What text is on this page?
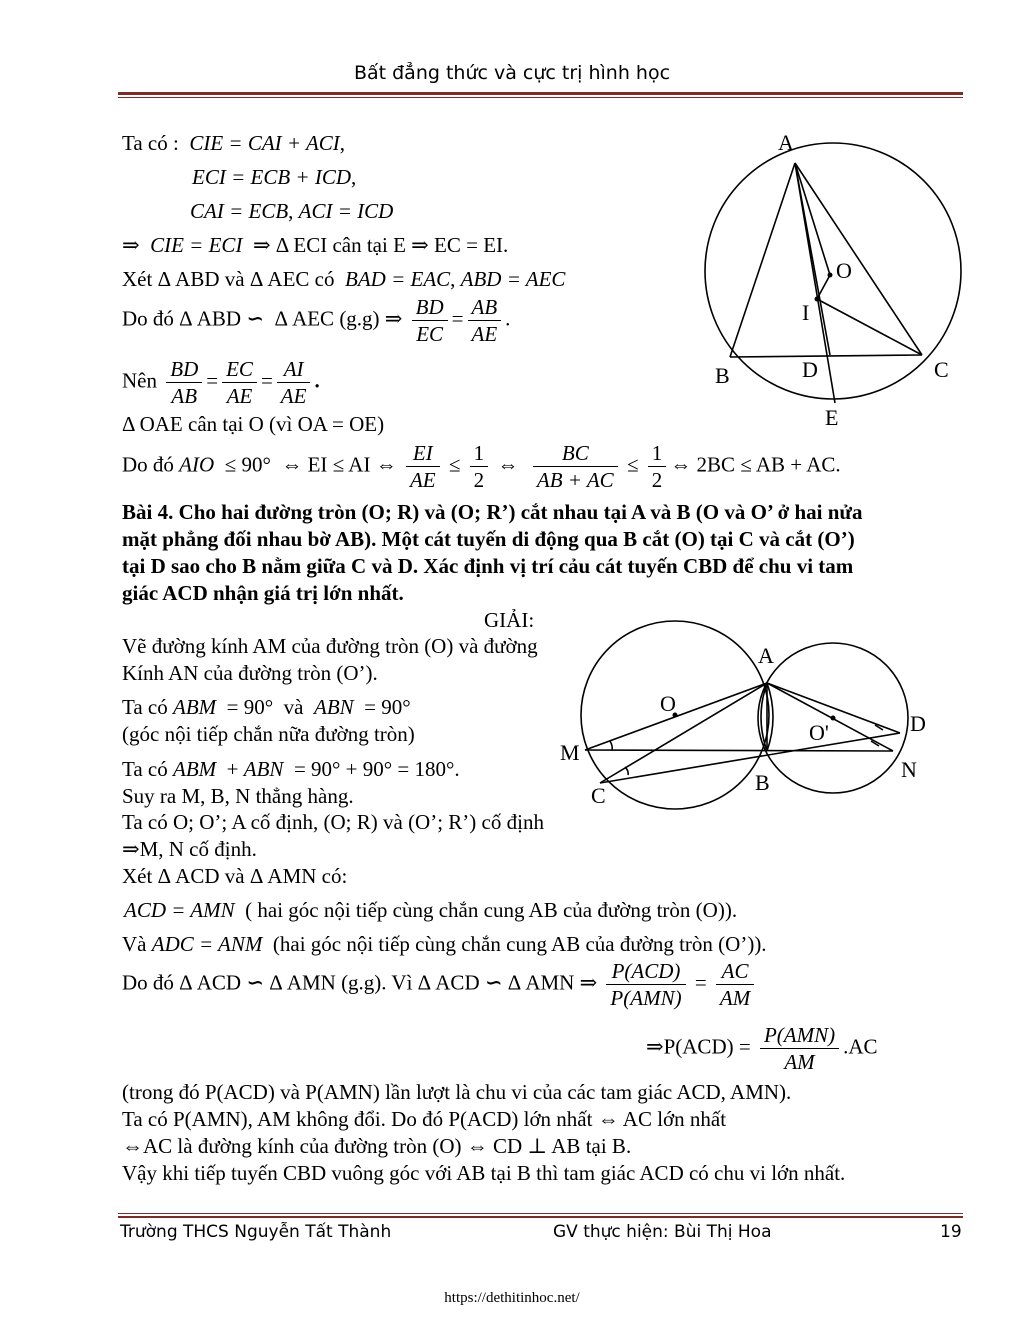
Bất đẳng thức và cực trị hình học
Ta có : CIE = CAI + ACI,
ECI = ECB + ICD,
CAI = ECB, ACI = ICD
⇒ CIE = ECI ⇒ Δ ECI cân tại E ⇒ EC = EI.
Xét Δ ABD và Δ AEC có BAD = EAC, ABD = AEC
Do đó Δ ABD ∽ Δ AEC (g.g) ⇒ $\frac{BD}{EC} = \frac{AB}{AE}$ .
Nên $\frac{BD}{AB} = \frac{EC}{AE} = \frac{AI}{AE}$ .
Δ OAE cân tại O (vì OA = OE)
Do đó AIO ≤ 90° ⇔ EI ≤ AI ⇔ $\frac{EI}{AE} \le \frac{1}{2}$ ⇔ $\frac{BC}{AB + AC} \le \frac{1}{2}$ ⇔ 2BC ≤ AB + AC.
A
O
I
B	D	C
E
Bài 4. Cho hai đường tròn (O; R) và (O; R’) cắt nhau tại A và B (O và O’ ở hai nửa
mặt phẳng đối nhau bờ AB). Một cát tuyến di động qua B cắt (O) tại C và cắt (O’)
tại D sao cho B nằm giữa C và D. Xác định vị trí cảu cát tuyến CBD để chu vi tam
giác ACD nhận giá trị lớn nhất.
GIẢI:
Vẽ đường kính AM của đường tròn (O) và đường
Kính AN của đường tròn (O’).
Ta có ABM = 90° và ABN = 90°
(góc nội tiếp chắn nữa đường tròn)
Ta có ABM + ABN = 90° + 90° = 180°.
Suy ra M, B, N thẳng hàng.
Ta có O; O’; A cố định, (O; R) và (O’; R’) cố định
⇒M, N cố định.
Xét Δ ACD và Δ AMN có:
ACD = AMN ( hai góc nội tiếp cùng chắn cung AB của đường tròn (O)).
Và ADC = ANM (hai góc nội tiếp cùng chắn cung AB của đường tròn (O’)).
Do đó Δ ACD ∽ Δ AMN (g.g). Vì Δ ACD ∽ Δ AMN ⇒ $\frac{\text{P(ACD)}}{\text{P(AMN)}} = \frac{AC}{AM}$
⇒P(ACD) = $\frac{\text{P(AMN)}}{AM} .AC$
(trong đó P(ACD) và P(AMN) lần lượt là chu vi của các tam giác ACD, AMN).
Ta có P(AMN), AM không đổi. Do đó P(ACD) lớn nhất ⇔ AC lớn nhất
⇔AC là đường kính của đường tròn (O) ⇔ CD ⊥ AB tại B.
Vậy khi tiếp tuyến CBD vuông góc với AB tại B thì tam giác ACD có chu vi lớn nhất.
A
O
O'
M
B
N
D
C
Trường THCS Nguyễn Tất Thành	GV thực hiện: Bùi Thị Hoa	19
https://dethitinhoc.net/
